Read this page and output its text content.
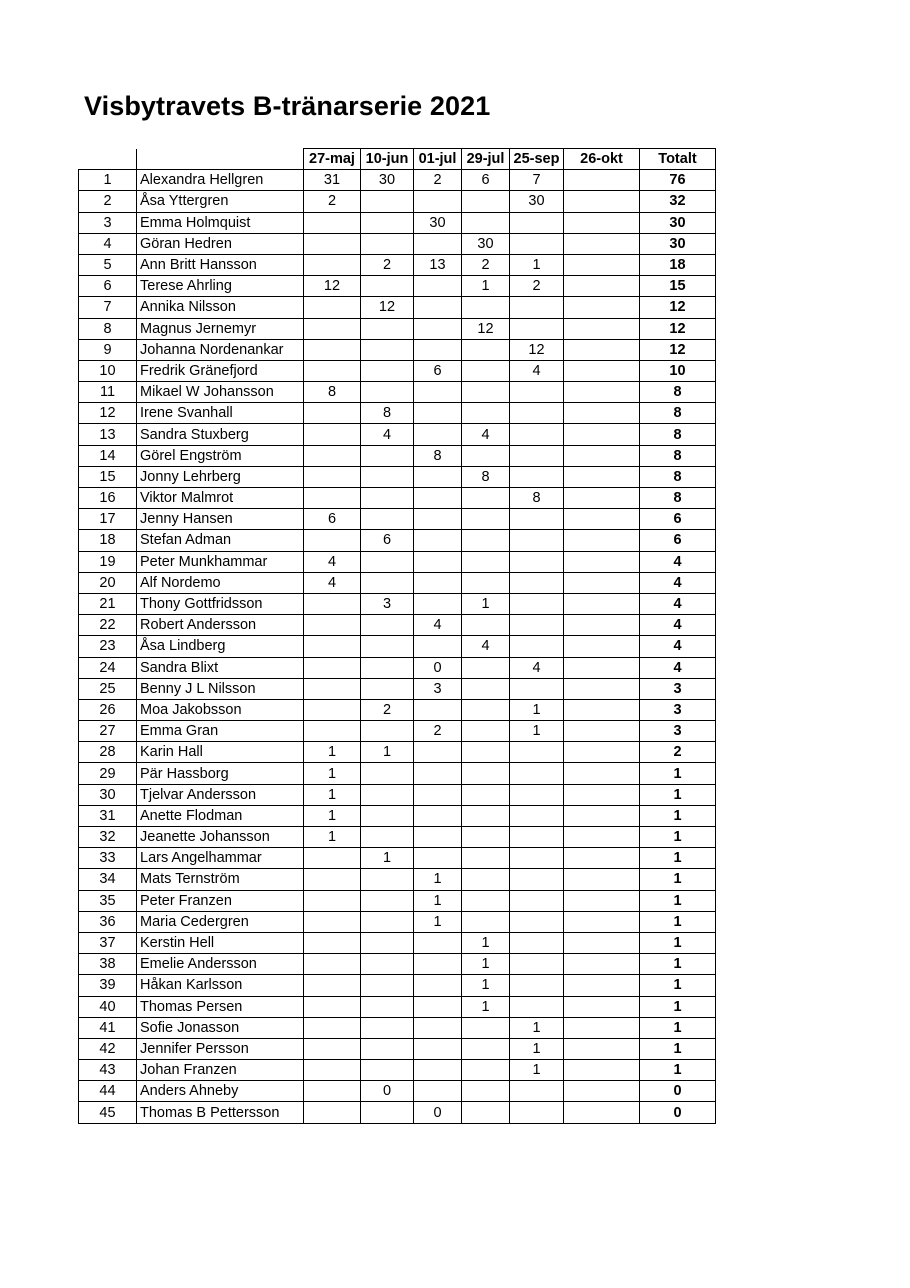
Visbytravets B-tränarserie 2021
		27-maj	10-jun	01-jul	29-jul	25-sep	26-okt	Totalt
1	Alexandra Hellgren	31	30	2	6	7		76
2	Åsa Yttergren	2				30		32
3	Emma Holmquist			30				30
4	Göran Hedren				30			30
5	Ann Britt Hansson		2	13	2	1		18
6	Terese Ahrling	12			1	2		15
7	Annika Nilsson		12					12
8	Magnus Jernemyr				12			12
9	Johanna Nordenankar					12		12
10	Fredrik Gränefjord			6		4		10
11	Mikael W Johansson	8						8
12	Irene Svanhall		8					8
13	Sandra Stuxberg		4		4			8
14	Görel Engström			8				8
15	Jonny Lehrberg				8			8
16	Viktor Malmrot					8		8
17	Jenny Hansen	6						6
18	Stefan Adman		6					6
19	Peter Munkhammar	4						4
20	Alf Nordemo	4						4
21	Thony Gottfridsson		3		1			4
22	Robert Andersson			4				4
23	Åsa Lindberg				4			4
24	Sandra Blixt			0		4		4
25	Benny J L Nilsson			3				3
26	Moa Jakobsson		2			1		3
27	Emma Gran			2		1		3
28	Karin Hall	1	1					2
29	Pär Hassborg	1						1
30	Tjelvar Andersson	1						1
31	Anette Flodman	1						1
32	Jeanette Johansson	1						1
33	Lars Angelhammar		1					1
34	Mats Ternström			1				1
35	Peter Franzen			1				1
36	Maria Cedergren			1				1
37	Kerstin Hell				1			1
38	Emelie Andersson				1			1
39	Håkan Karlsson				1			1
40	Thomas Persen				1			1
41	Sofie Jonasson					1		1
42	Jennifer Persson					1		1
43	Johan Franzen					1		1
44	Anders Ahneby		0					0
45	Thomas B Pettersson			0				0
